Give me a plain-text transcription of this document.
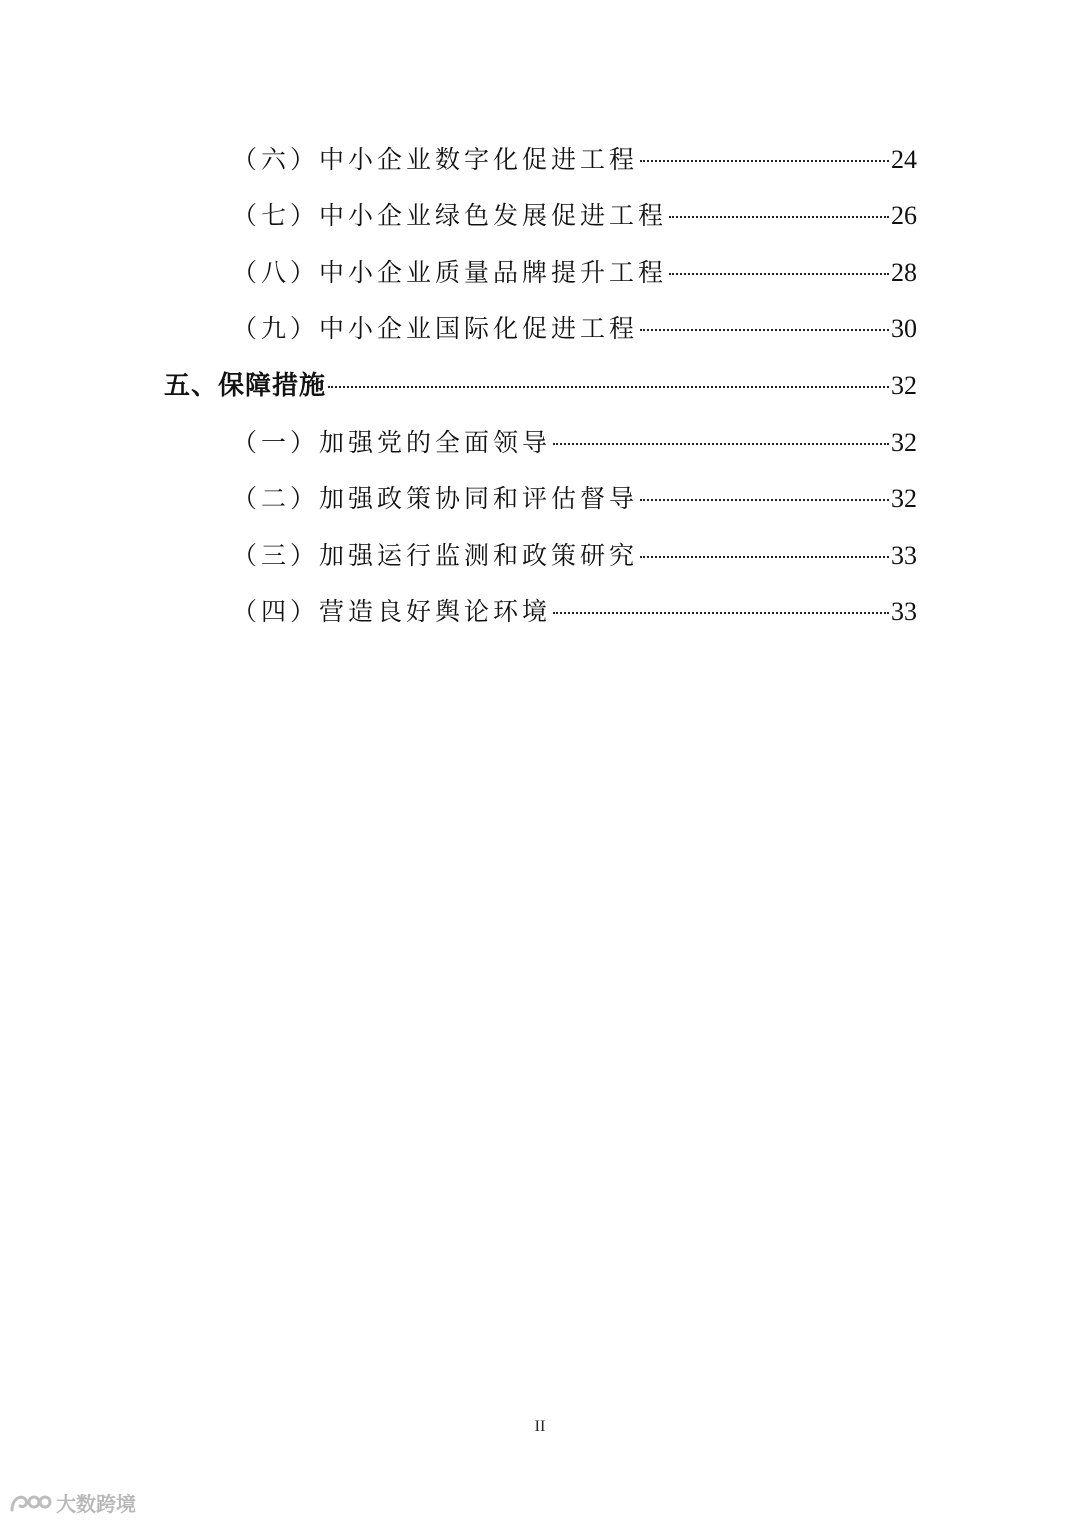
（六）中小企业数字化促进工程	24
（七）中小企业绿色发展促进工程	26
（八）中小企业质量品牌提升工程	28
（九）中小企业国际化促进工程	30
五、保障措施	32
（一）加强党的全面领导	32
（二）加强政策协同和评估督导	32
（三）加强运行监测和政策研究	33
（四）营造良好舆论环境	33
II
大数跨境
